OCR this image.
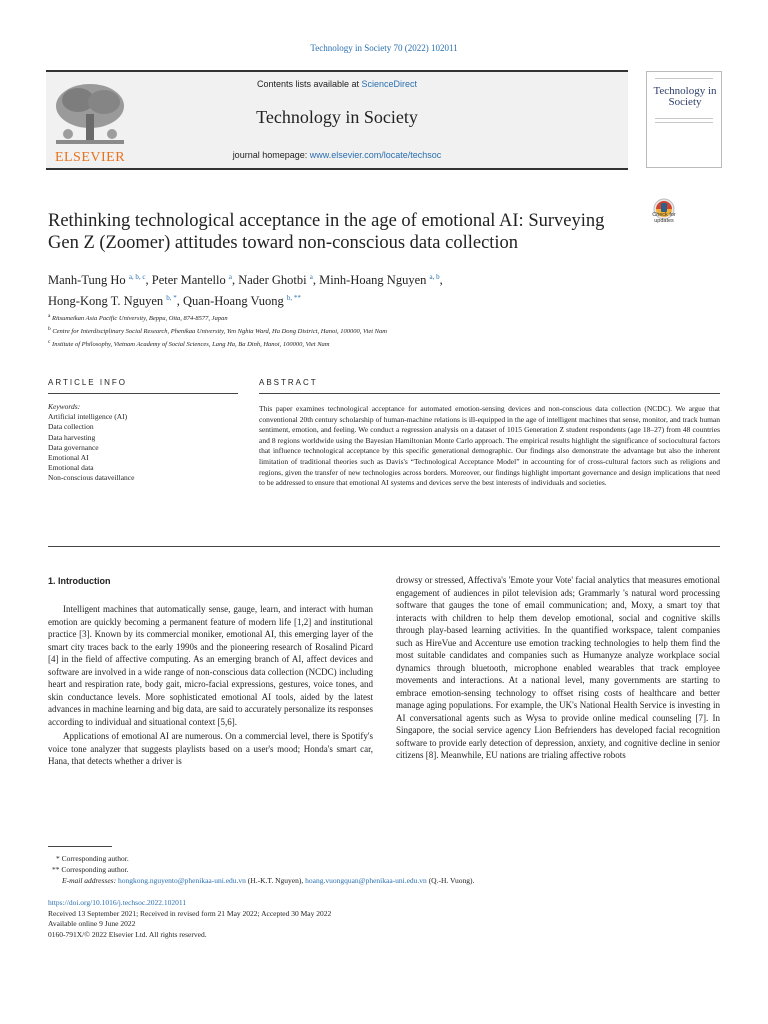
Technology in Society 70 (2022) 102011
ELSEVIER
Contents lists available at ScienceDirect
Technology in Society
journal homepage: www.elsevier.com/locate/techsoc
Technology in Society
Rethinking technological acceptance in the age of emotional AI: Surveying Gen Z (Zoomer) attitudes toward non-conscious data collection
Check for updates
Manh-Tung Ho $^{a, b, c}$, Peter Mantello $^a$, Nader Ghotbi $^a$, Minh-Hoang Nguyen $^{a, b}$,
Hong-Kong T. Nguyen $^{b, *}$, Quan-Hoang Vuong $^{b, **}$
$^a$ Ritsumeikan Asia Pacific University, Beppu, Oita, 874-8577, Japan
$^b$ Centre for Interdisciplinary Social Research, Phenikaa University, Yen Nghia Ward, Ha Dong District, Hanoi, 100000, Viet Nam
$^c$ Institute of Philosophy, Vietnam Academy of Social Sciences, Lang Ha, Ba Dinh, Hanoi, 100000, Viet Nam
ARTICLE INFO	ABSTRACT
Keywords:
Artificial intelligence (AI)
Data collection
Data harvesting
Data governance
Emotional AI
Emotional data
Non-conscious dataveillance
This paper examines technological acceptance for automated emotion-sensing devices and non-conscious data collection (NCDC). We argue that conventional 20th century scholarship of human-machine relations is ill-equipped in the age of intelligent machines that sense, monitor, and track human sentiment, emotion, and feeling. We conduct a regression analysis on a dataset of 1015 Generation Z student respondents (age 18–27) from 48 countries and 8 regions worldwide using the Bayesian Hamiltonian Monte Carlo approach. The empirical results highlight the significance of sociocultural factors that influence technological acceptance by this specific generational demographic. Our findings also demonstrate the advantage but also the inherent limitation of traditional theories such as Davis's “Technological Acceptance Model” in accounting for of cross-cultural factors such as religions and regions, given the transfer of new technologies across borders. Moreover, our findings highlight important governance and design implications that need to be addressed to ensure that emotional AI systems and devices serve the best interests of individuals and societies.
1. Introduction

Intelligent machines that automatically sense, gauge, learn, and interact with human emotion are quickly becoming a permanent feature of modern life [1,2] and institutional practice [3]. Known by its commercial moniker, emotional AI, this emerging layer of the smart city traces back to the early 1990s and the pioneering research of Rosalind Picard [4] in the field of affective computing. As an emerging branch of AI, affect devices and software are involved in a wide range of non-conscious data collection (NCDC) including heart and respiration rate, body gait, micro-facial expressions, gestures, voice tones, and skin conductance levels. More sophisticated emotional AI tools, aided by the latest advances in machine learning and big data, are said to accurately personalize its responses according to individual and situational context [5,6].

Applications of emotional AI are numerous. On a commercial level, there is Spotify's voice tone analyzer that suggests playlists based on a user's mood; Honda's smart car, Hana, that detects whether a driver is

drowsy or stressed, Affectiva's 'Emote your Vote' facial analytics that measures emotional engagement of audiences in pilot television ads; Grammarly 's natural word processing software that gauges the tone of email communication; and, Moxy, a smart toy that interacts with children to help them develop emotional, social and cognitive skills through play-based learning activities. In the quantified workspace, talent companies such as HireVue and Accenture use emotion tracking technologies to help them find the most suitable candidates and companies such as Humanyze analyze workplace social dynamics through bluetooth, microphone enabled wearables that track employee movements and interactions. At a national level, many governments are starting to embrace emotion-sensing technology to offset rising costs of healthcare and better manage aging populations. For example, the UK's National Health Service is investing in AI conversational agents such as Wysa to provide online medical counseling [7]. In Singapore, the social service agency Lion Befrienders has developed facial recognition software to provide early detection of depression, anxiety, and cognitive decline in senior citizens [8]. Meanwhile, EU nations are trialing affective robots

* Corresponding author.
** Corresponding author.
E-mail addresses: hongkong.nguyento@phenikaa-uni.edu.vn (H.-K.T. Nguyen), hoang.vuongquan@phenikaa-uni.edu.vn (Q.-H. Vuong).
https://doi.org/10.1016/j.techsoc.2022.102011
Received 13 September 2021; Received in revised form 21 May 2022; Accepted 30 May 2022
Available online 9 June 2022
0160-791X/© 2022 Elsevier Ltd. All rights reserved.
